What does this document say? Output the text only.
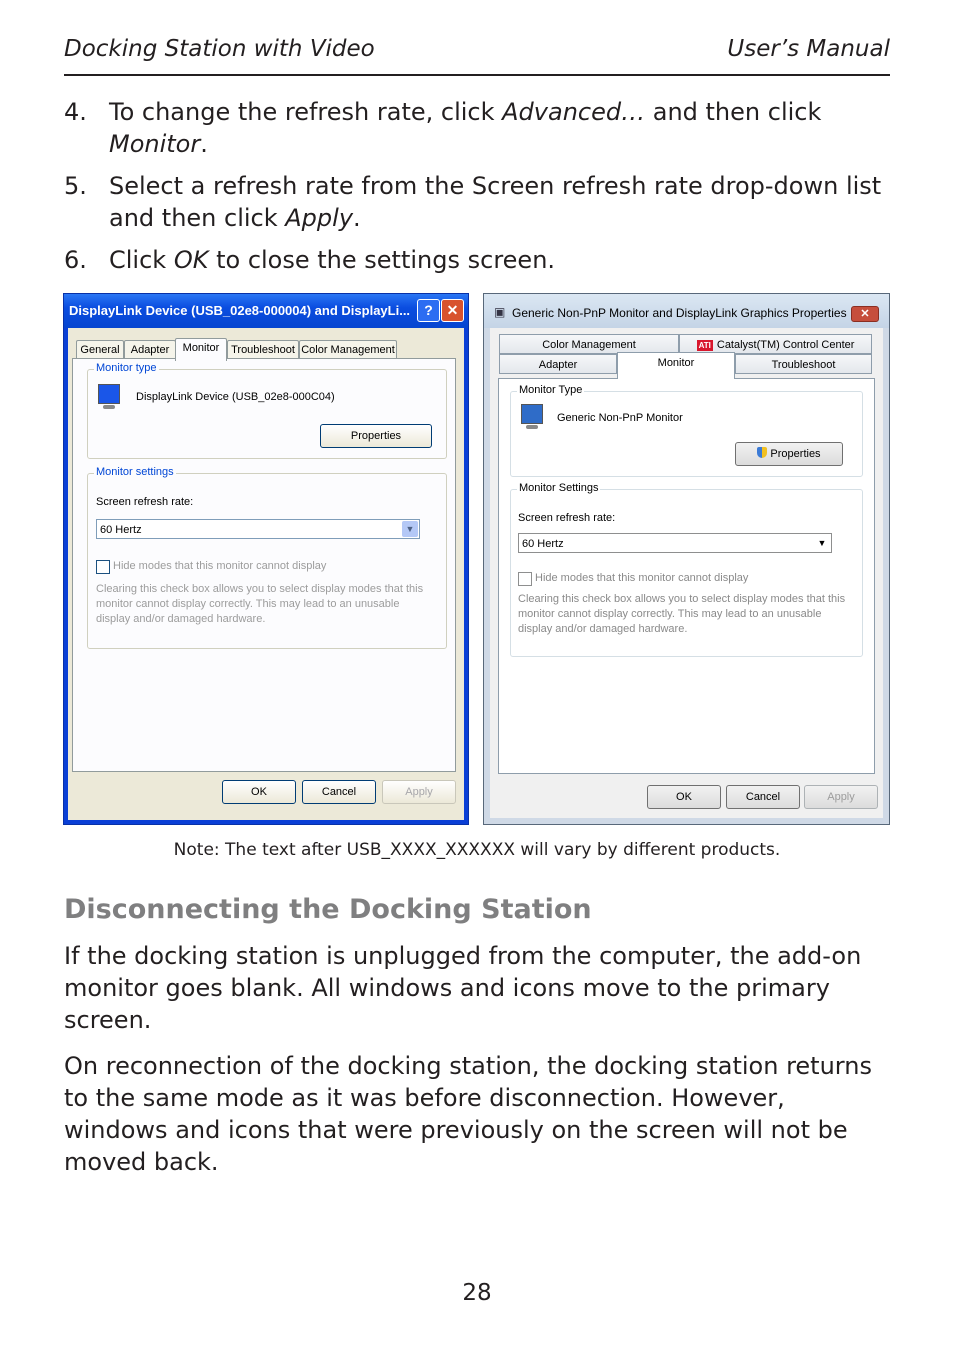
Docking Station with Video	User’s Manual
4. To change the refresh rate, click Advanced… and then click Monitor.
5. Select a refresh rate from the Screen refresh rate drop-down list and then click Apply.
6. Click OK to close the settings screen.
DisplayLink Device (USB_02e8-000004) and DisplayLi...	? ✕
General	Adapter	Monitor	Troubleshoot Color Management
Monitor type
DisplayLink Device (USB_02e8-000C04)
Properties
Monitor settings
Screen refresh rate:
60 Hertz	▼
Hide modes that this monitor cannot display
Clearing this check box allows you to select display modes that this monitor cannot display correctly. This may lead to an unusable display and/or damaged hardware.
OK	Cancel	Apply
▣ Generic Non-PnP Monitor and DisplayLink Graphics Properties	✕
Color Management	ATI Catalyst(TM) Control Center
Adapter	Monitor	Troubleshoot
Monitor Type
Generic Non-PnP Monitor
Properties
Monitor Settings
Screen refresh rate:
60 Hertz	▼
Hide modes that this monitor cannot display
Clearing this check box allows you to select display modes that this monitor cannot display correctly. This may lead to an unusable display and/or damaged hardware.
OK	Cancel	Apply
Note: The text after USB_XXXX_XXXXXX will vary by different products.
Disconnecting the Docking Station
If the docking station is unplugged from the computer, the add-on monitor goes blank. All windows and icons move to the primary screen.
On reconnection of the docking station, the docking station returns to the same mode as it was before disconnection. However, windows and icons that were previously on the screen will not be moved back.
28
